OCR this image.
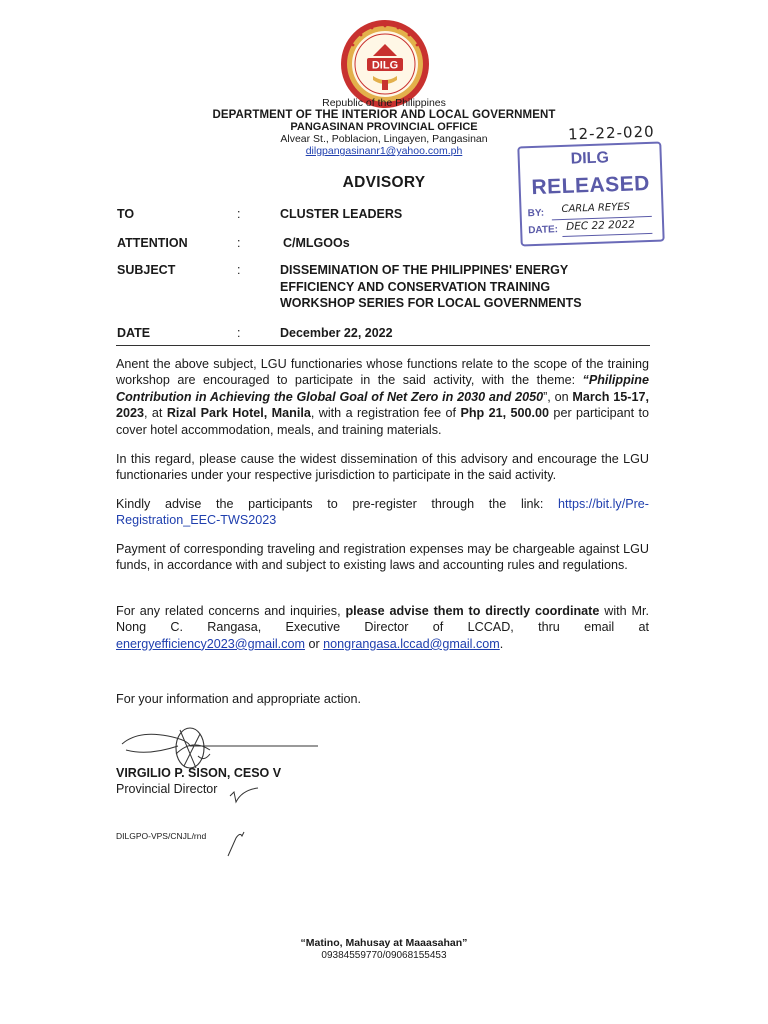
DILG
Republic of the Philippines
DEPARTMENT OF THE INTERIOR AND LOCAL GOVERNMENT
PANGASINAN PROVINCIAL OFFICE
Alvear St., Poblacion, Lingayen, Pangasinan
dilgpangasinanr1@yahoo.com.ph
ADVISORY
TO	:	CLUSTER LEADERS
ATTENTION	:	C/MLGOOs
SUBJECT	:	DISSEMINATION OF THE PHILIPPINES' ENERGY EFFICIENCY AND CONSERVATION TRAINING WORKSHOP SERIES FOR LOCAL GOVERNMENTS
DATE	:	December 22, 2022
Anent the above subject, LGU functionaries whose functions relate to the scope of the training workshop are encouraged to participate in the said activity, with the theme: “Philippine Contribution in Achieving the Global Goal of Net Zero in 2030 and 2050”, on March 15-17, 2023, at Rizal Park Hotel, Manila, with a registration fee of Php 21, 500.00 per participant to cover hotel accommodation, meals, and training materials.
In this regard, please cause the widest dissemination of this advisory and encourage the LGU functionaries under your respective jurisdiction to participate in the said activity.
Kindly advise the participants to pre-register through the link: https://bit.ly/Pre-Registration_EEC-TWS2023
Payment of corresponding traveling and registration expenses may be chargeable against LGU funds, in accordance with and subject to existing laws and accounting rules and regulations.
For any related concerns and inquiries, please advise them to directly coordinate with Mr. Nong C. Rangasa, Executive Director of LCCAD, thru email at energyefficiency2023@gmail.com or nongrangasa.lccad@gmail.com.
For your information and appropriate action.
VIRGILIO P. SISON, CESO V
Provincial Director
DILGPO-VPS/CNJL/rnd
“Matino, Mahusay at Maaasahan”
09384559770/09068155453
12-22-020
DILG
RELEASED
BY: CARLA REYES
DATE: DEC 22 2022
